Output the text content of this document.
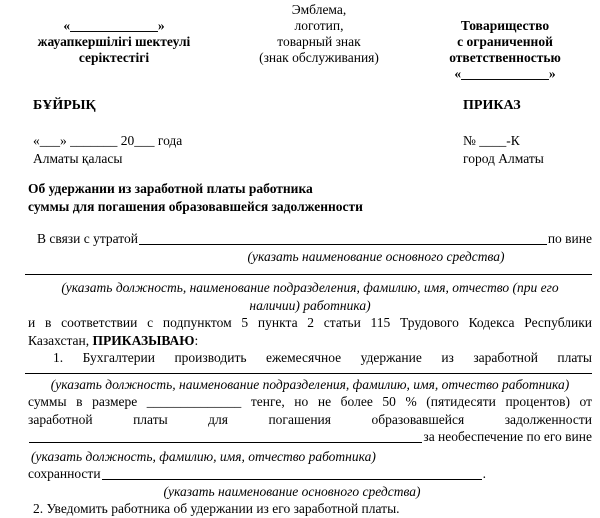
«_____________»
жауапкершілігі шектеулі
серіктестігі
Эмблема,
логотип,
товарный знак
(знак обслуживания)
Товарищество
с ограниченной
ответственностью
«_____________»
БҰЙРЫҚ	ПРИКАЗ
«___» _______ 20___ года	№ ____-К
Алматы қаласы	город Алматы
Об удержании из заработной платы работника
суммы для погашения образовавшейся задолженности
В связи с утратой	по вине
(указать наименование основного средства)
(указать должность, наименование подразделения, фамилию, имя, отчество (при его
наличии) работника)
и в соответствии с подпунктом 5 пункта 2 статьи 115 Трудового Кодекса Республики
Казахстан, ПРИКАЗЫВАЮ:
1. Бухгалтерии производить ежемесячное удержание из заработной платы
(указать должность, наименование подразделения, фамилию, имя, отчество работника)
суммы в размере ______________ тенге, но не более 50 % (пятидесяти процентов) от
заработной платы для погашения образовавшейся задолженности
за необеспечение по его вине
(указать должность, фамилию, имя, отчество работника)
сохранности	.
(указать наименование основного средства)
2. Уведомить работника об удержании из его заработной платы.
